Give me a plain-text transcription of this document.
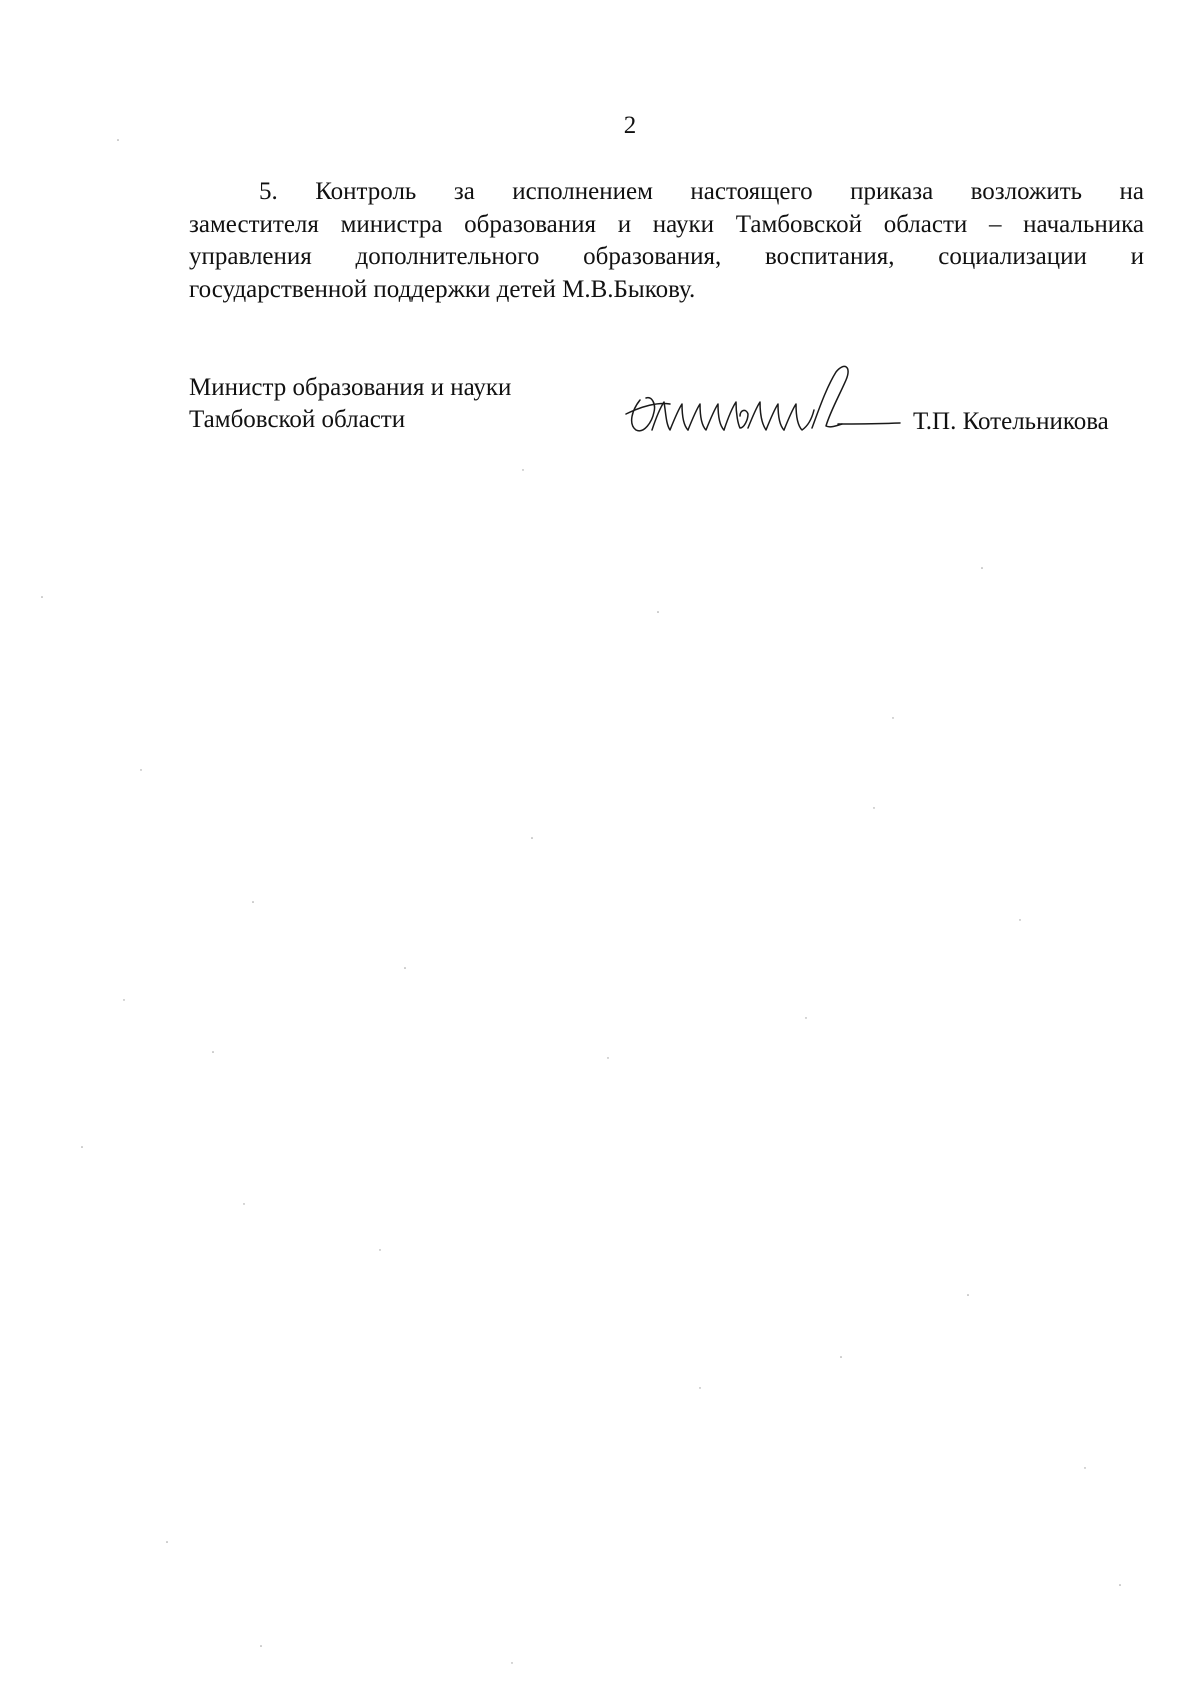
2
5. Контроль за исполнением настоящего приказа возложить на
заместителя министра образования и науки Тамбовской области – начальника
управления дополнительного образования, воспитания, социализации и
государственной поддержки детей М.В.Быкову.
Министр образования и науки
Тамбовской области	Т.П. Котельникова
